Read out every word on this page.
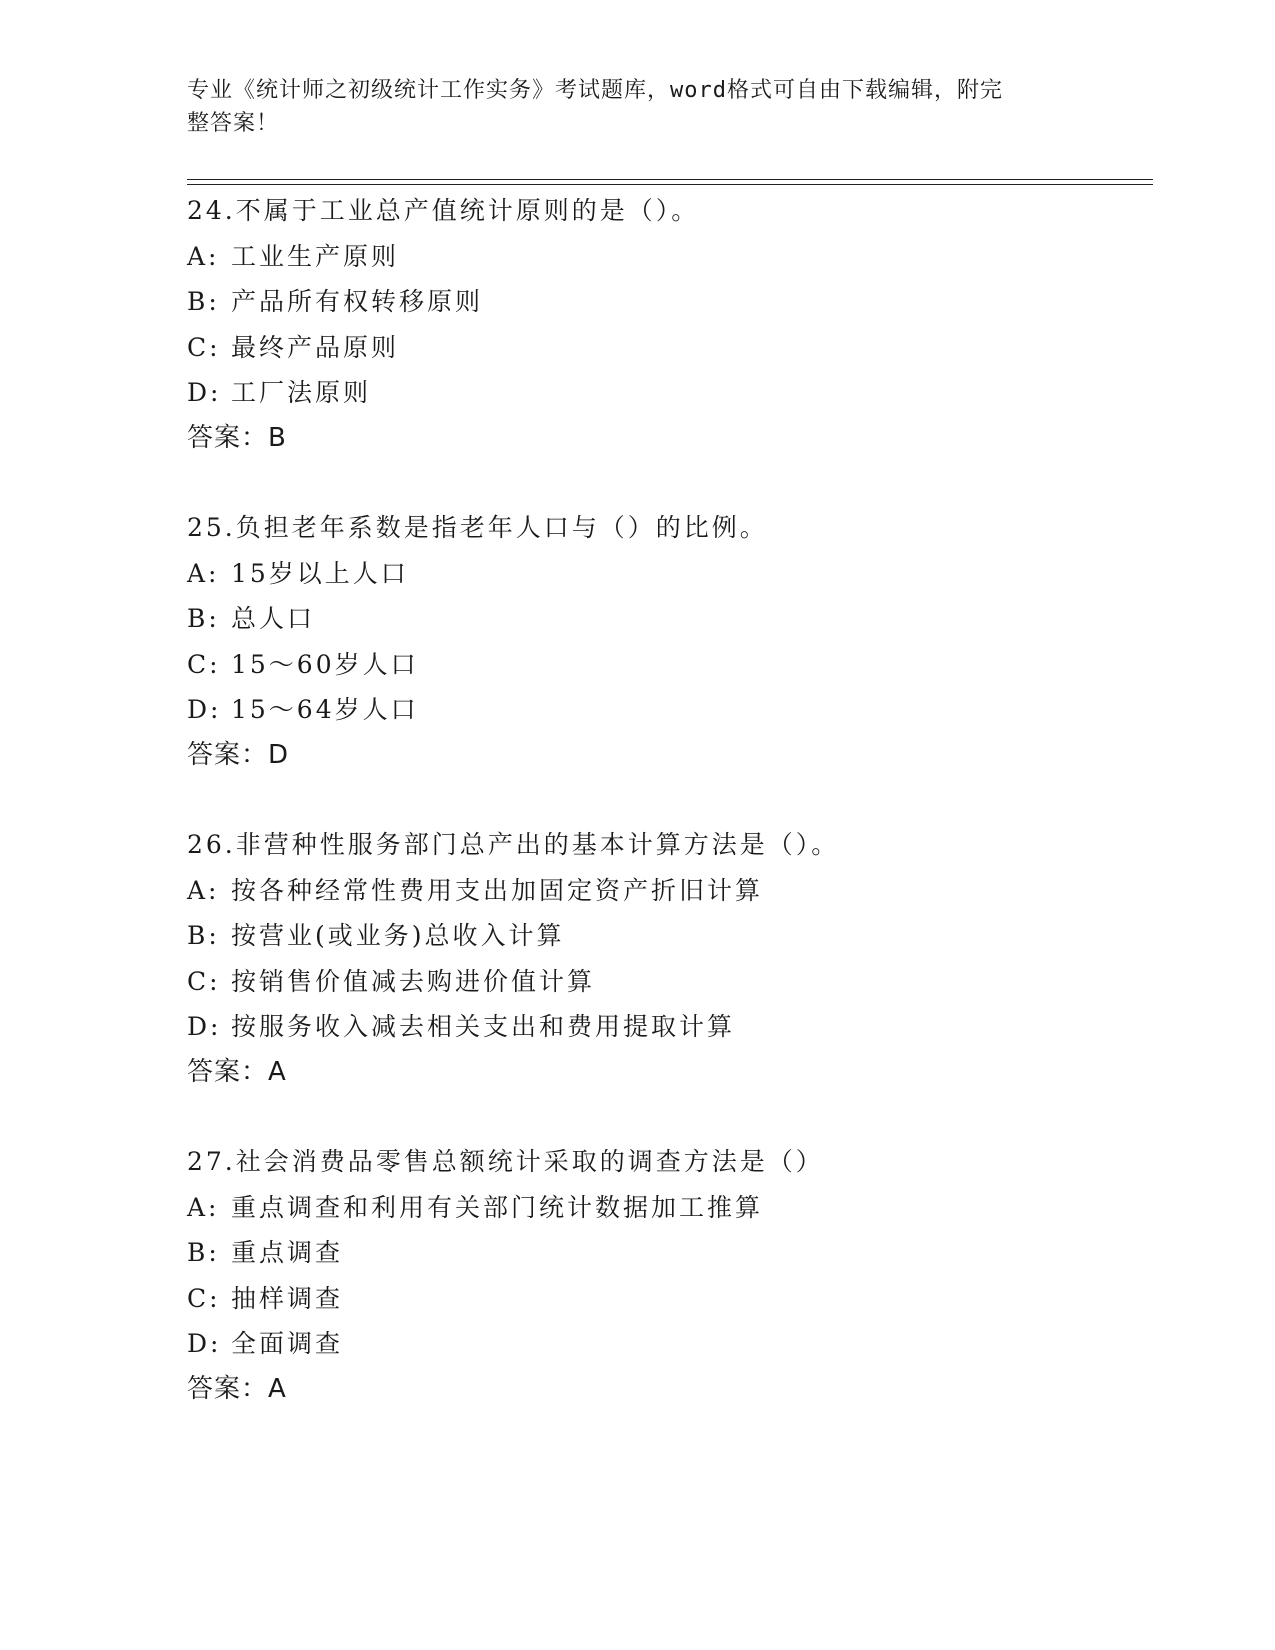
专业《统计师之初级统计工作实务》考试题库，word格式可自由下载编辑，附完
整答案！
24.不属于工业总产值统计原则的是（）。
A: 工业生产原则
B: 产品所有权转移原则
C: 最终产品原则
D: 工厂法原则
答案：B
25.负担老年系数是指老年人口与（）的比例。
A: 15岁以上人口
B: 总人口
C: 15～60岁人口
D: 15～64岁人口
答案：D
26.非营种性服务部门总产出的基本计算方法是（）。
A: 按各种经常性费用支出加固定资产折旧计算
B: 按营业(或业务)总收入计算
C: 按销售价值减去购进价值计算
D: 按服务收入减去相关支出和费用提取计算
答案：A
27.社会消费品零售总额统计采取的调查方法是（）
A: 重点调查和利用有关部门统计数据加工推算
B: 重点调查
C: 抽样调查
D: 全面调查
答案：A
